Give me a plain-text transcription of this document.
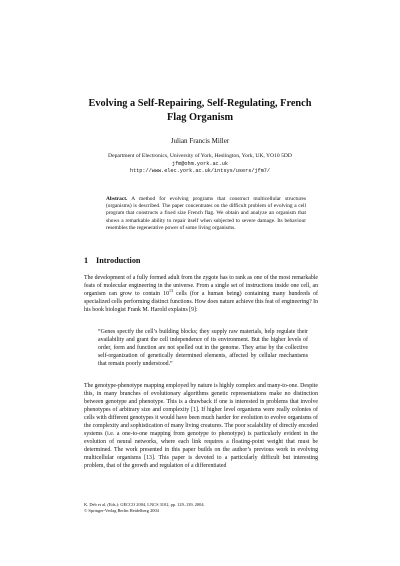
Evolving a Self-Repairing, Self-Regulating, French Flag Organism
Julian Francis Miller
Department of Electronics, University of York, Heslington, York, UK, YO10 5DD
jfm@ohm.york.ac.uk
http://www.elec.york.ac.uk/intsys/users/jfm7/
Abstract. A method for evolving programs that construct multicellular structures (organisms) is described. The paper concentrates on the difficult problem of evolving a cell program that constructs a fixed size French flag. We obtain and analyze an organism that shows a remarkable ability to repair itself when subjected to severe damage. Its behaviour resembles the regenerative power of some living organisms.
1 Introduction

The development of a fully formed adult from the zygote has to rank as one of the most remarkable feats of molecular engineering in the universe. From a single set of instructions inside one cell, an organism can grow to contain $10^{13}$ cells (for a human being) containing many hundreds of specialized cells performing distinct functions. How does nature achieve this feat of engineering? In his book biologist Frank M. Harold explains [9]:

“Genes specify the cell’s building blocks; they supply raw materials, help regulate their availability and grant the cell independence of its environment. But the higher levels of order, form and function are not spelled out in the genome. They arise by the collective self-organization of genetically determined elements, affected by cellular mechanisms that remain poorly understood.”

The genotype-phenotype mapping employed by nature is highly complex and many-to-one. Despite this, in many branches of evolutionary algorithms genetic representations make no distinction between genotype and phenotype. This is a drawback if one is interested in problems that involve phenotypes of arbitrary size and complexity [1]. If higher level organisms were really colonies of cells with different genotypes it would have been much harder for evolution to evolve organisms of the complexity and sophistication of many living creatures. The poor scalability of directly encoded systems (i.e. a one-to-one mapping from genotype to phenotype) is particularly evident in the evolution of neural networks, where each link requires a floating-point weight that must be determined. The work presented in this paper builds on the author’s previous work in evolving multicellular organisms [13]. This paper is devoted to a particularly difficult but interesting problem, that of the growth and regulation of a differentiated

K. Deb et al. (Eds.): GECCO 2004, LNCS 3102, pp. 129–139, 2004.
© Springer-Verlag Berlin Heidelberg 2004
